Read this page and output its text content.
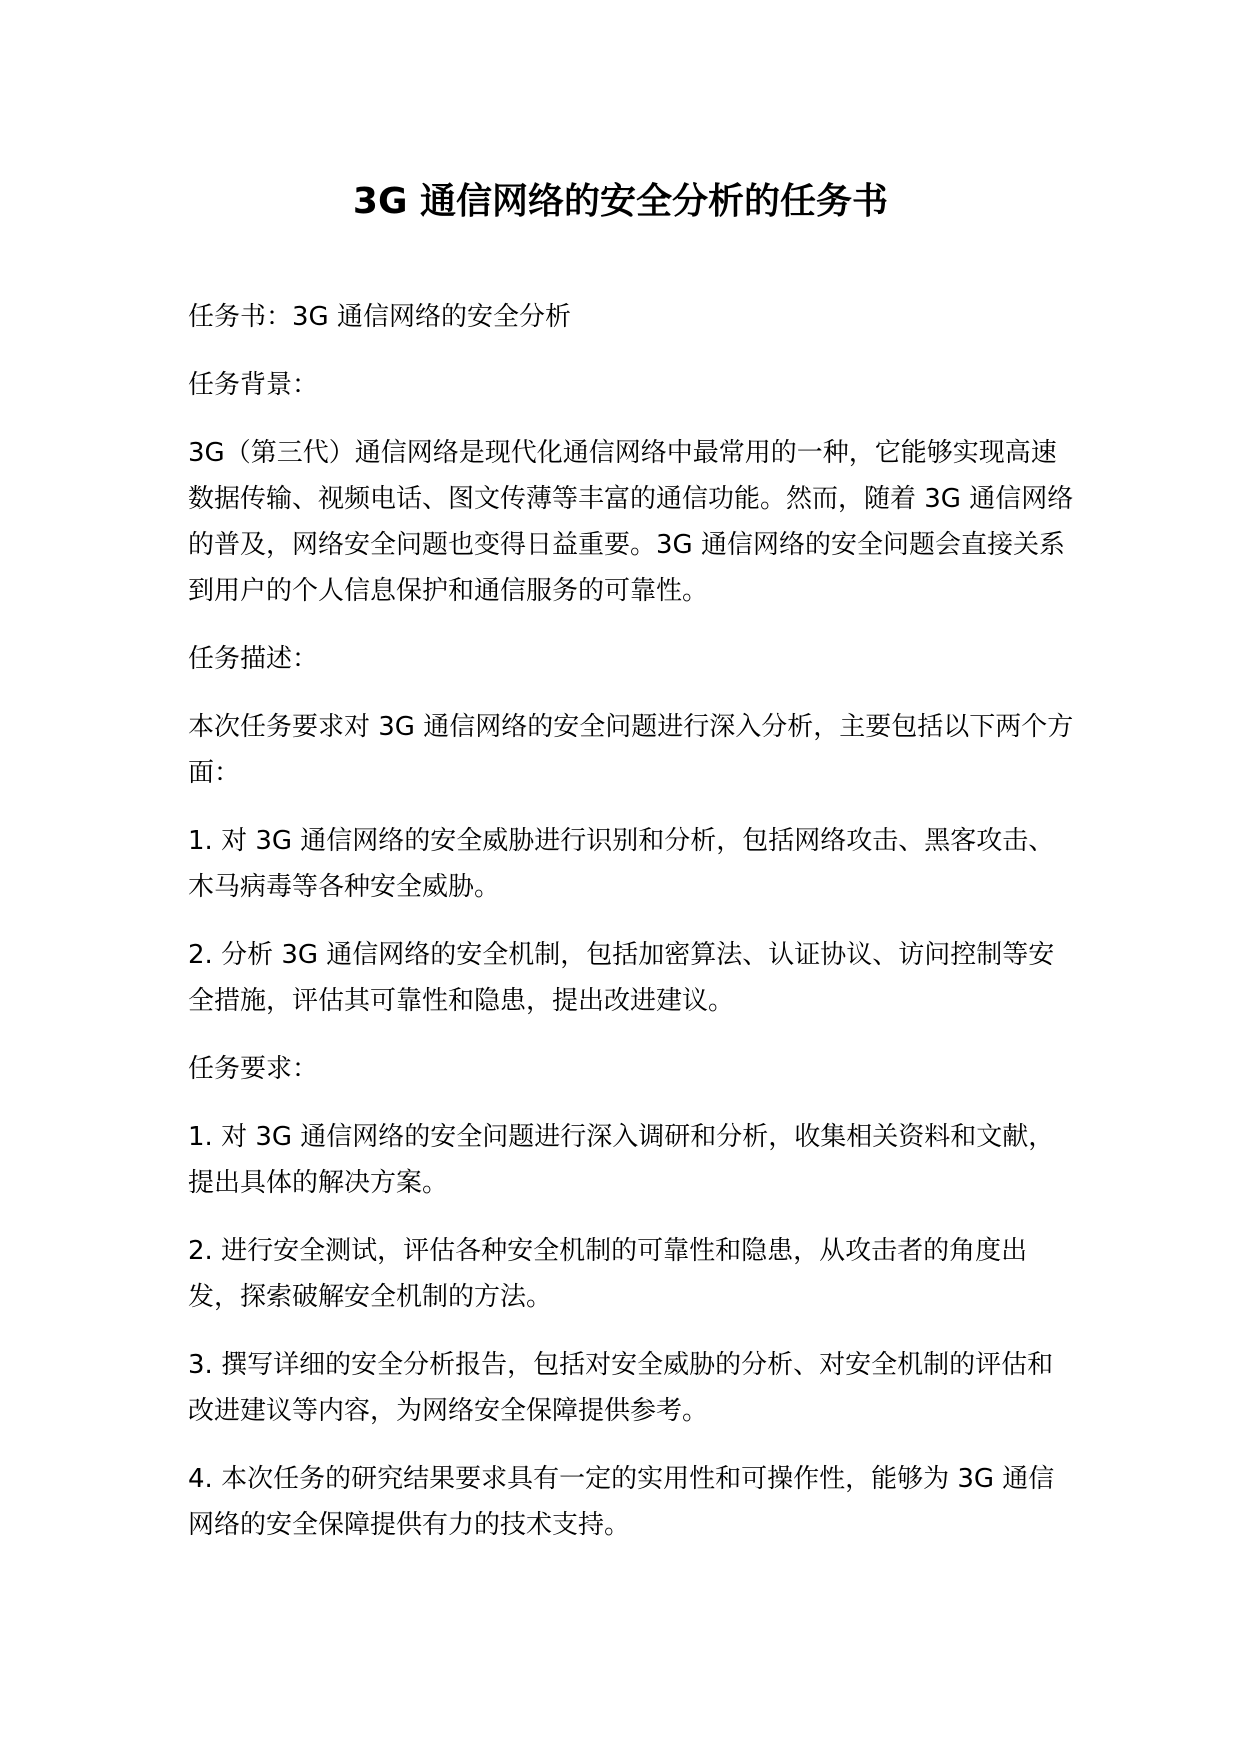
3G 通信网络的安全分析的任务书

任务书：3G 通信网络的安全分析

任务背景：

3G（第三代）通信网络是现代化通信网络中最常用的一种，它能够实现高速数据传输、视频电话、图文传薄等丰富的通信功能。然而，随着 3G 通信网络的普及，网络安全问题也变得日益重要。3G 通信网络的安全问题会直接关系到用户的个人信息保护和通信服务的可靠性。

任务描述：

本次任务要求对 3G 通信网络的安全问题进行深入分析，主要包括以下两个方面：

1. 对 3G 通信网络的安全威胁进行识别和分析，包括网络攻击、黑客攻击、木马病毒等各种安全威胁。

2. 分析 3G 通信网络的安全机制，包括加密算法、认证协议、访问控制等安全措施，评估其可靠性和隐患，提出改进建议。

任务要求：

1. 对 3G 通信网络的安全问题进行深入调研和分析，收集相关资料和文献，提出具体的解决方案。

2. 进行安全测试，评估各种安全机制的可靠性和隐患，从攻击者的角度出发，探索破解安全机制的方法。

3. 撰写详细的安全分析报告，包括对安全威胁的分析、对安全机制的评估和改进建议等内容，为网络安全保障提供参考。

4. 本次任务的研究结果要求具有一定的实用性和可操作性，能够为 3G 通信网络的安全保障提供有力的技术支持。
